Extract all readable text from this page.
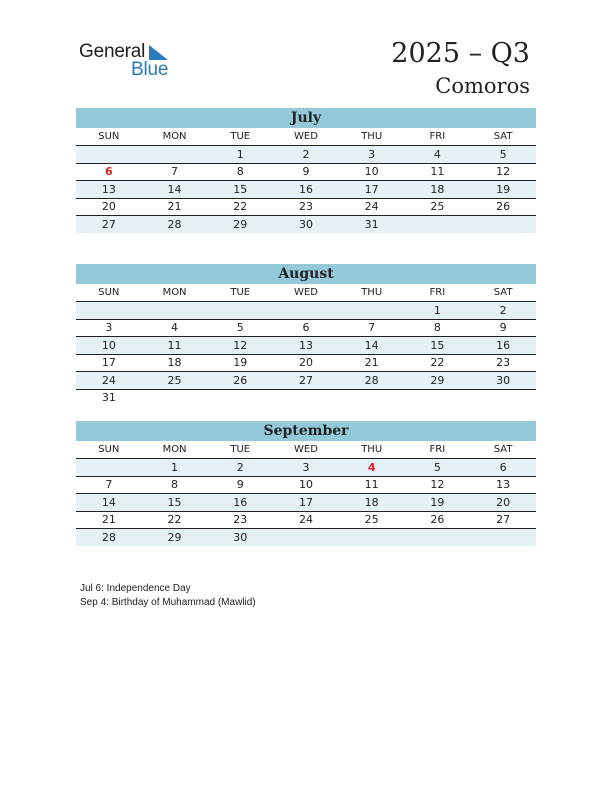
General
Blue
2025 – Q3
Comoros
July
SUN	MON	TUE	WED	THU	FRI	SAT
		1	2	3	4	5
6	7	8	9	10	11	12
13	14	15	16	17	18	19
20	21	22	23	24	25	26
27	28	29	30	31		
August
SUN	MON	TUE	WED	THU	FRI	SAT
					1	2
3	4	5	6	7	8	9
10	11	12	13	14	15	16
17	18	19	20	21	22	23
24	25	26	27	28	29	30
31						
September
SUN	MON	TUE	WED	THU	FRI	SAT
	1	2	3	4	5	6
7	8	9	10	11	12	13
14	15	16	17	18	19	20
21	22	23	24	25	26	27
28	29	30				
Jul 6: Independence Day
Sep 4: Birthday of Muhammad (Mawlid)
